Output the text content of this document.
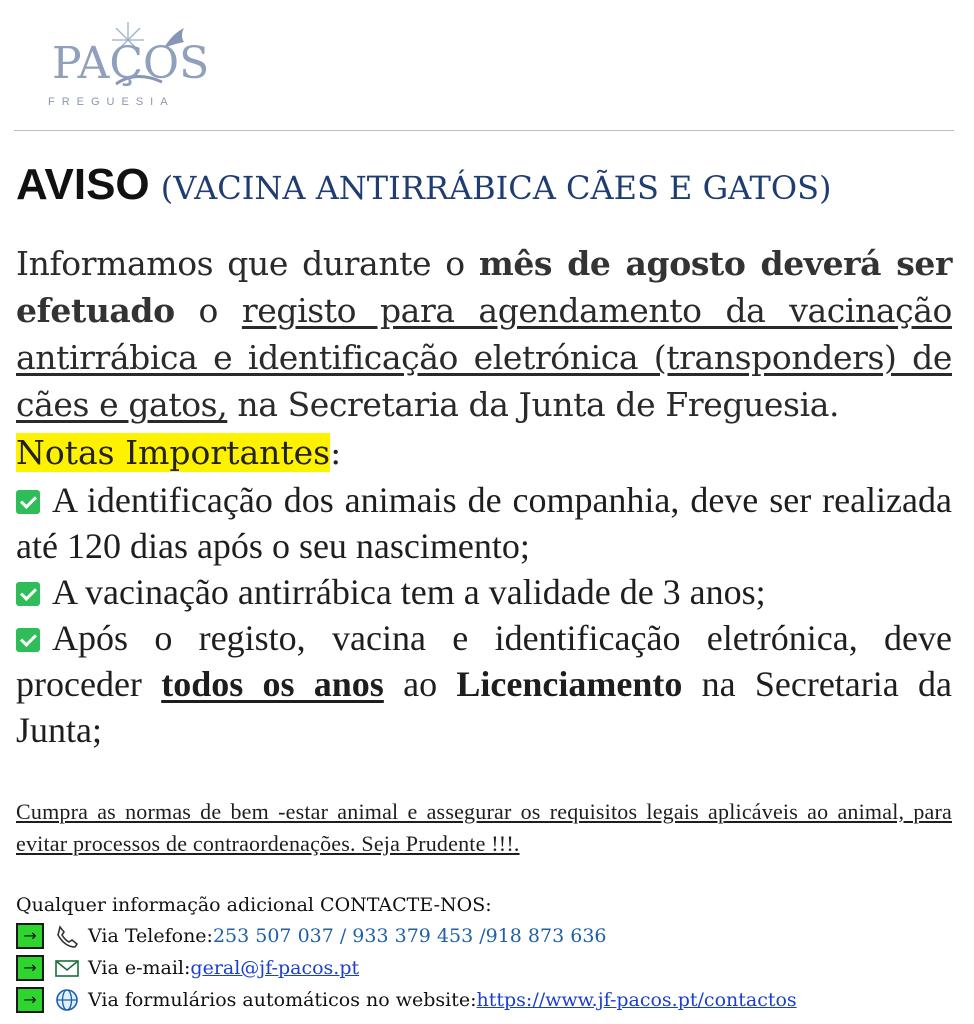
PAÇOS
FREGUESIA
AVISO (VACINA ANTIRRÁBICA CÃES E GATOS)
Informamos que durante o mês de agosto deverá ser efetuado o registo para agendamento da vacinação antirrábica e identificação eletrónica (transponders) de cães e gatos, na Secretaria da Junta de Freguesia.
Notas Importantes:

A identificação dos animais de companhia, deve ser realizada até 120 dias após o seu nascimento;

A vacinação antirrábica tem a validade de 3 anos;

Após o registo, vacina e identificação eletrónica, deve proceder todos os anos ao Licenciamento na Secretaria da Junta;

Cumpra as normas de bem -estar animal e assegurar os requisitos legais aplicáveis ao animal, para evitar processos de contraordenações. Seja Prudente !!!.
Qualquer informação adicional CONTACTE-NOS:
→	Via Telefone: 253 507 037 / 933 379 453 /918 873 636
→	Via e-mail: geral@jf-pacos.pt
→	Via formulários automáticos no website: https://www.jf-pacos.pt/contactos
